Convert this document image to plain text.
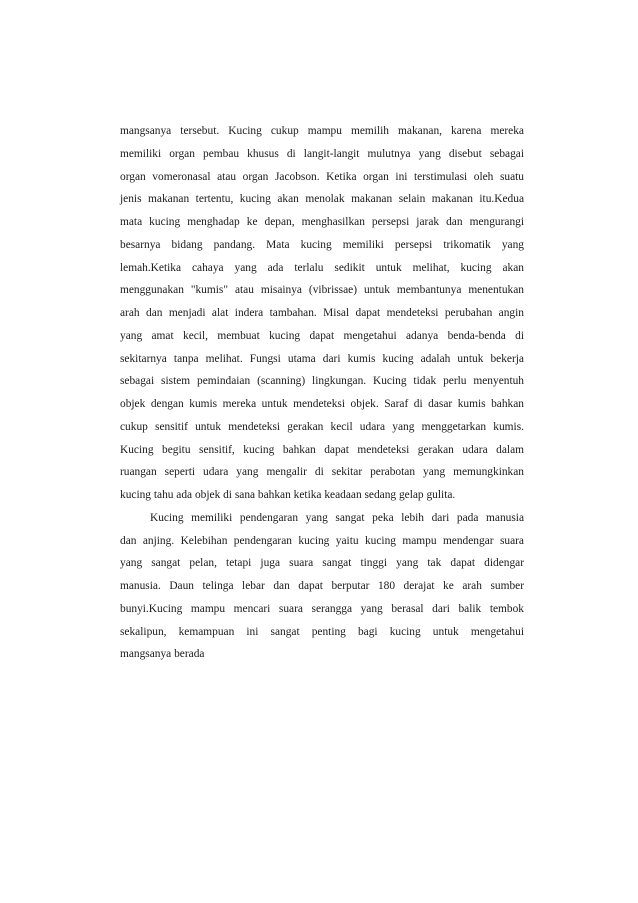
mangsanya tersebut. Kucing cukup mampu memilih makanan, karena mereka
memiliki organ pembau khusus di langit-langit mulutnya yang disebut sebagai
organ vomeronasal atau organ Jacobson. Ketika organ ini terstimulasi oleh suatu
jenis makanan tertentu, kucing akan menolak makanan selain makanan itu.Kedua
mata kucing menghadap ke depan, menghasilkan persepsi jarak dan mengurangi
besarnya bidang pandang. Mata kucing memiliki persepsi trikomatik yang
lemah.Ketika cahaya yang ada terlalu sedikit untuk melihat, kucing akan
menggunakan "kumis" atau misainya (vibrissae) untuk membantunya menentukan
arah dan menjadi alat indera tambahan. Misal dapat mendeteksi perubahan angin
yang amat kecil, membuat kucing dapat mengetahui adanya benda-benda di
sekitarnya tanpa melihat. Fungsi utama dari kumis kucing adalah untuk bekerja
sebagai sistem pemindaian (scanning) lingkungan. Kucing tidak perlu menyentuh
objek dengan kumis mereka untuk mendeteksi objek. Saraf di dasar kumis bahkan
cukup sensitif untuk mendeteksi gerakan kecil udara yang menggetarkan kumis.
Kucing begitu sensitif, kucing bahkan dapat mendeteksi gerakan udara dalam
ruangan seperti udara yang mengalir di sekitar perabotan yang memungkinkan
kucing tahu ada objek di sana bahkan ketika keadaan sedang gelap gulita.
Kucing memiliki pendengaran yang sangat peka lebih dari pada manusia
dan anjing. Kelebihan pendengaran kucing yaitu kucing mampu mendengar suara
yang sangat pelan, tetapi juga suara sangat tinggi yang tak dapat didengar
manusia. Daun telinga lebar dan dapat berputar 180 derajat ke arah sumber
bunyi.Kucing mampu mencari suara serangga yang berasal dari balik tembok
sekalipun, kemampuan ini sangat penting bagi kucing untuk mengetahui
mangsanya berada
